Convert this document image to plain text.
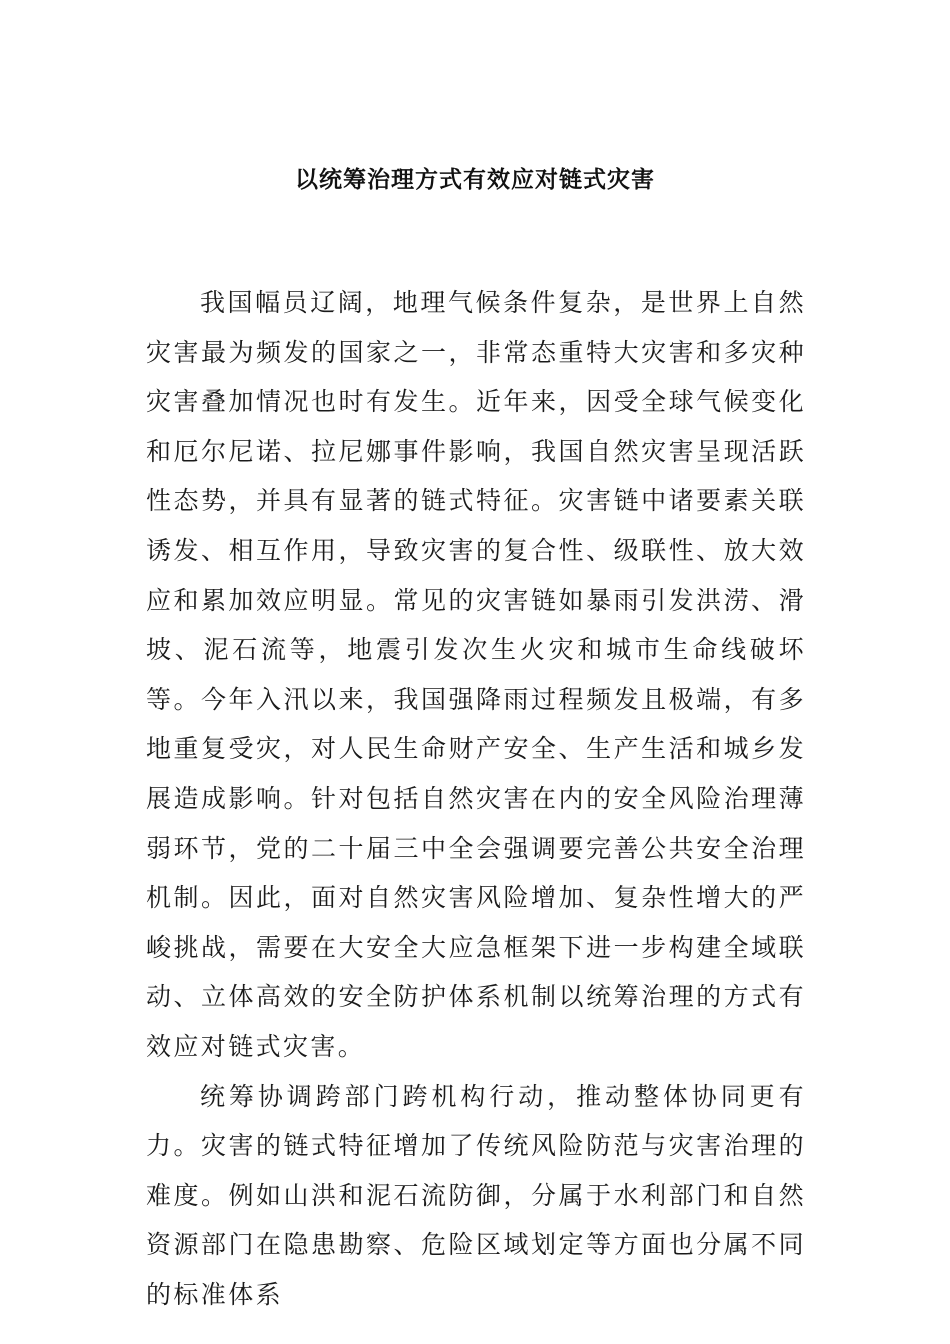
以统筹治理方式有效应对链式灾害

我国幅员辽阔，地理气候条件复杂，是世界上自然灾害最为频发的国家之一，非常态重特大灾害和多灾种灾害叠加情况也时有发生。近年来，因受全球气候变化和厄尔尼诺、拉尼娜事件影响，我国自然灾害呈现活跃性态势，并具有显著的链式特征。灾害链中诸要素关联诱发、相互作用，导致灾害的复合性、级联性、放大效应和累加效应明显。常见的灾害链如暴雨引发洪涝、滑坡、泥石流等，地震引发次生火灾和城市生命线破坏等。今年入汛以来，我国强降雨过程频发且极端，有多地重复受灾，对人民生命财产安全、生产生活和城乡发展造成影响。针对包括自然灾害在内的安全风险治理薄弱环节，党的二十届三中全会强调要完善公共安全治理机制。因此，面对自然灾害风险增加、复杂性增大的严峻挑战，需要在大安全大应急框架下进一步构建全域联动、立体高效的安全防护体系机制以统筹治理的方式有效应对链式灾害。

统筹协调跨部门跨机构行动，推动整体协同更有力。灾害的链式特征增加了传统风险防范与灾害治理的难度。例如山洪和泥石流防御，分属于水利部门和自然资源部门在隐患勘察、危险区域划定等方面也分属不同的标准体系
